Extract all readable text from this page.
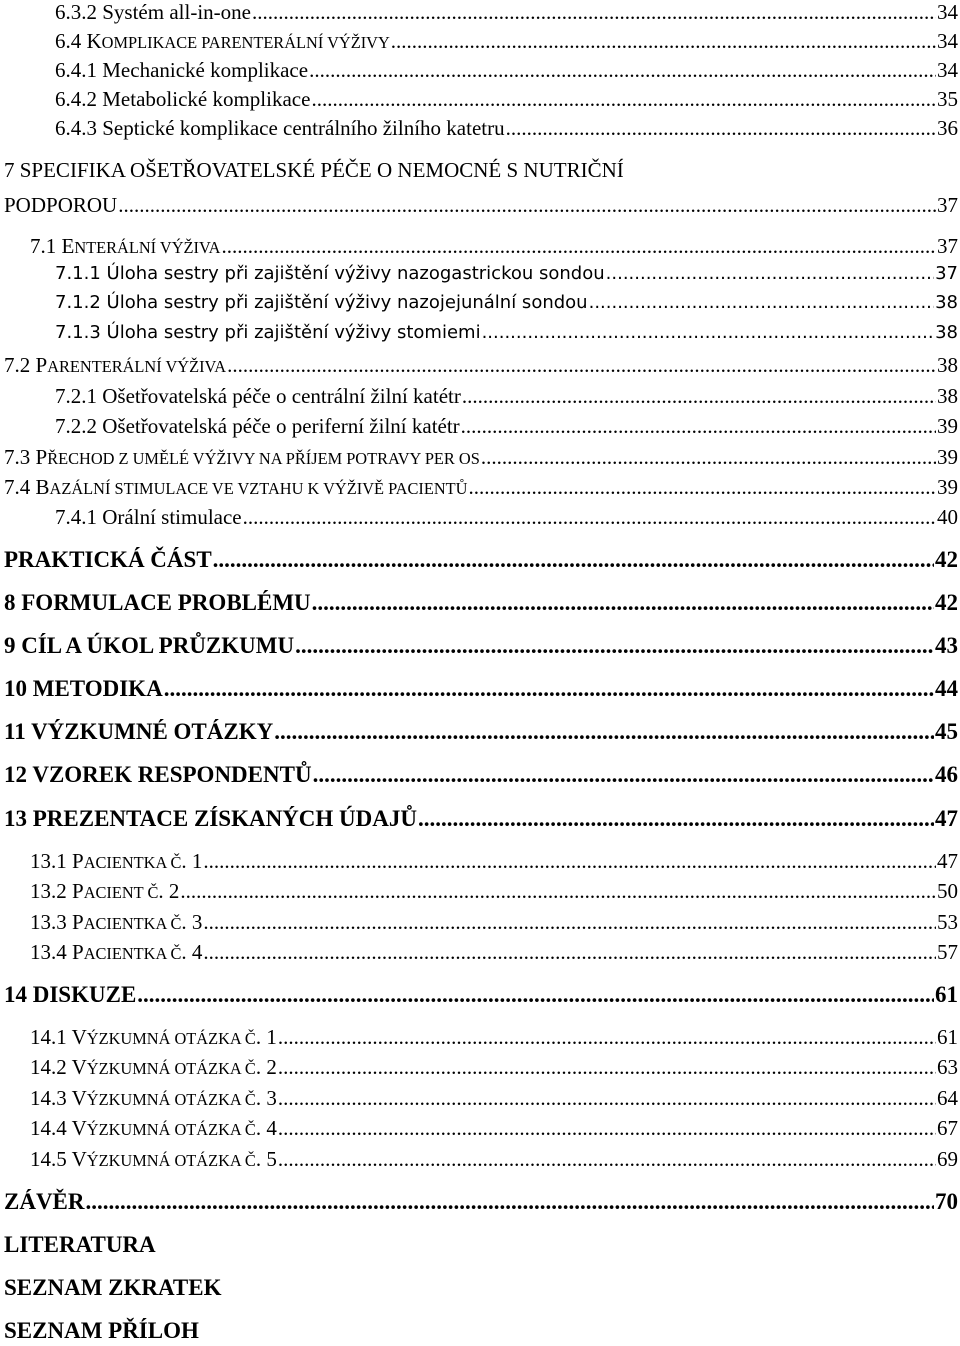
6.3.2 Systém all-in-one .....	34
6.4 KOMPLIKACE PARENTERÁLNÍ VÝŽIVY .....	34
6.4.1 Mechanické komplikace .....	34
6.4.2 Metabolické komplikace .....	35
6.4.3 Septické komplikace centrálního žilního katetru .....	36
7 SPECIFIKA OŠETŘOVATELSKÉ PÉČE O NEMOCNÉ S NUTRIČNÍ
PODPOROU .....	37
7.1 ENTERÁLNÍ VÝŽIVA .....	37
7.1.1 Úloha sestry při zajištění výživy nazogastrickou sondou .....	37
7.1.2 Úloha sestry při zajištění výživy nazojejunální sondou .....	38
7.1.3 Úloha sestry při zajištění výživy stomiemi .....	38
7.2 PARENTERÁLNÍ VÝŽIVA .....	38
7.2.1 Ošetřovatelská péče o centrální žilní katétr .....	38
7.2.2 Ošetřovatelská péče o periferní žilní katétr .....	39
7.3 PŘECHOD Z UMĚLÉ VÝŽIVY NA PŘÍJEM POTRAVY PER OS .....	39
7.4 BAZÁLNÍ STIMULACE VE VZTAHU K VÝŽIVĚ PACIENTŮ .....	39
7.4.1 Orální stimulace .....	40
PRAKTICKÁ ČÁST .....	42
8 FORMULACE PROBLÉMU .....	42
9 CÍL A ÚKOL PRŮZKUMU .....	43
10 METODIKA .....	44
11 VÝZKUMNÉ OTÁZKY .....	45
12 VZOREK RESPONDENTŮ .....	46
13 PREZENTACE ZÍSKANÝCH ÚDAJŮ .....	47
13.1 PACIENTKA Č. 1 .....	47
13.2 PACIENT Č. 2 .....	50
13.3 PACIENTKA Č. 3 .....	53
13.4 PACIENTKA Č. 4 .....	57
14 DISKUZE .....	61
14.1 VÝZKUMNÁ OTÁZKA Č. 1 .....	61
14.2 VÝZKUMNÁ OTÁZKA Č. 2 .....	63
14.3 VÝZKUMNÁ OTÁZKA Č. 3 .....	64
14.4 VÝZKUMNÁ OTÁZKA Č. 4 .....	67
14.5 VÝZKUMNÁ OTÁZKA Č. 5 .....	69
ZÁVĚR .....	70
LITERATURA
SEZNAM ZKRATEK
SEZNAM PŘÍLOH
